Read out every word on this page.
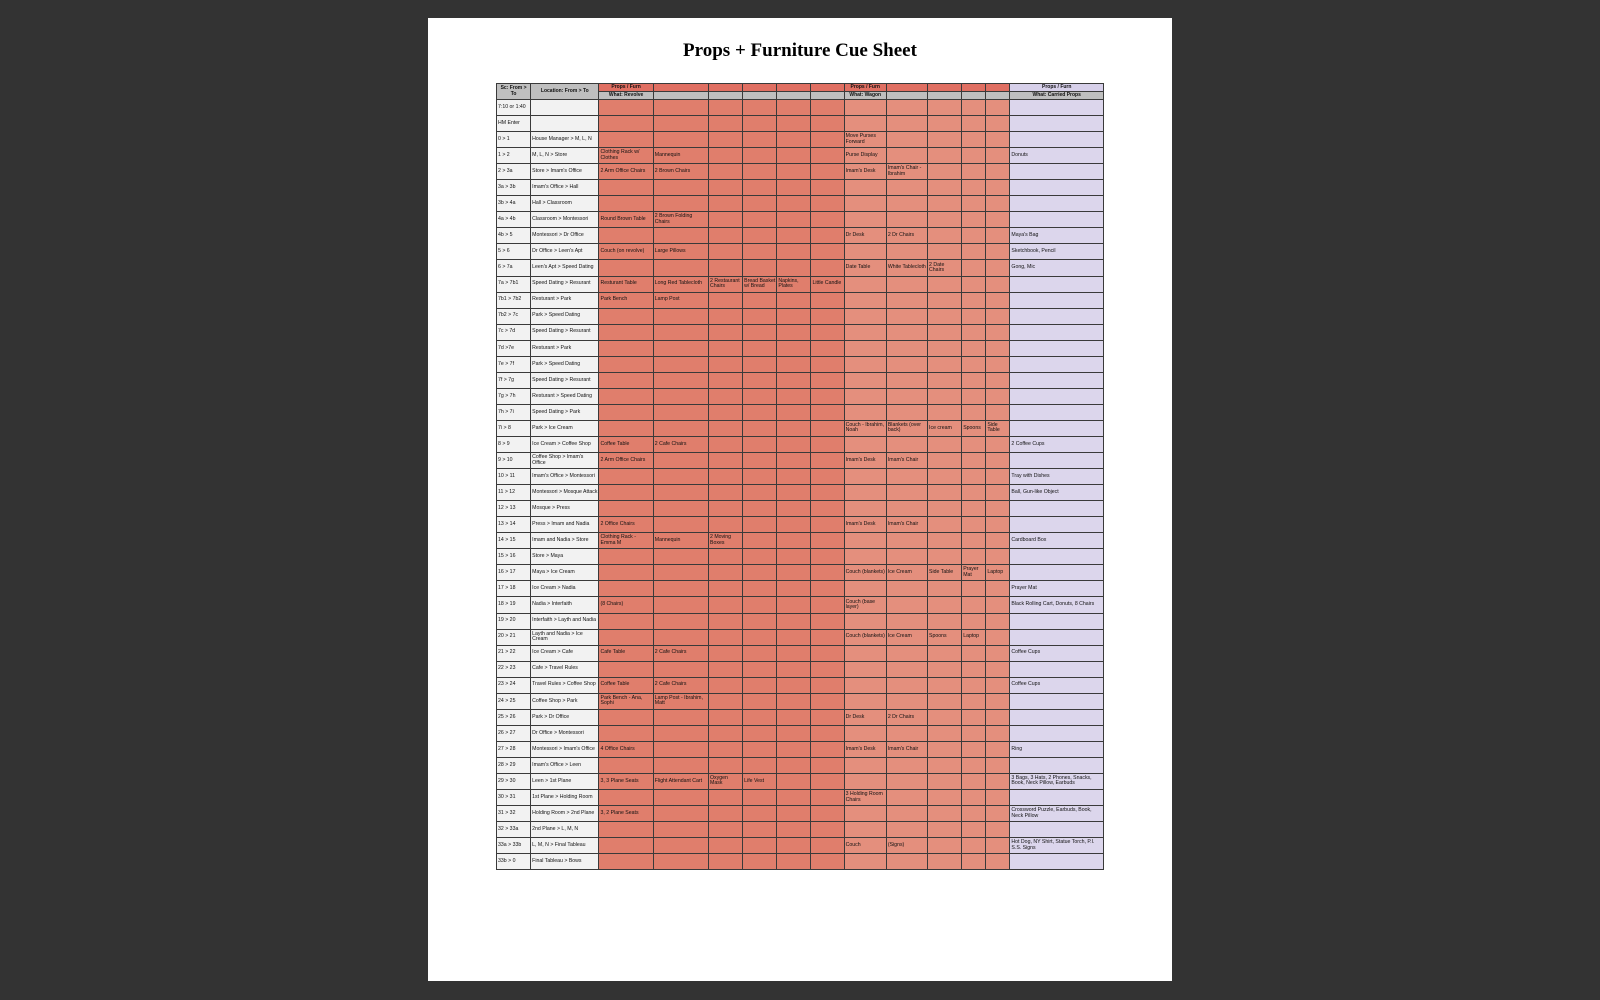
Props + Furniture Cue Sheet
Sc: From > To	Location: From > To	Props / Furn						Props / Furn					Props / Furn
		What: Revolve						What: Wagon					What: Carried Props
7:10 or 1:40													
HM Enter													
0 > 1	House Manager > M, L, N							Move Purses Forward					
1 > 2	M, L, N > Store	Clothing Rack w/ Clothes	Mannequin					Purse Display					Donuts
2 > 3a	Store > Imam's Office	2 Arm Office Chairs	2 Brown Chairs					Imam's Desk	Imam's Chair - Ibrahim				
3a > 3b	Imam's Office > Hall												
3b > 4a	Hall > Classroom												
4a > 4b	Classroom > Montessori	Round Brown Table	2 Brown Folding Chairs										
4b > 5	Montessori > Dr Office							Dr Desk	2 Dr Chairs				Maya's Bag
5 > 6	Dr Office > Leen's Apt	Couch (on revolve)	Large Pillows										Sketchbook, Pencil
6 > 7a	Leen's Apt > Speed Dating							Date Table	White Tablecloth	2 Date Chairs			Gong, Mic
7a > 7b1	Speed Dating > Resurant	Resturant Table	Long Red Tablecloth	2 Restaurant Chairs	Bread Basket w/ Bread	Napkins, Plates	Little Candle						
7b1 > 7b2	Resturant > Park	Park Bench	Lamp Post										
7b2 > 7c	Park > Speed Dating												
7c > 7d	Speed Dating > Resurant												
7d >7e	Resturant > Park												
7e > 7f	Park > Speed Dating												
7f > 7g	Speed Dating > Resurant												
7g > 7h	Resturant > Speed Dating												
7h > 7i	Speed Dating > Park												
7i > 8	Park > Ice Cream							Couch - Ibrahim, Noah	Blankets (over back)	Ice cream	Spoons	Side Table	
8 > 9	Ice Cream > Coffee Shop	Coffee Table	2 Cafe Chairs										2 Coffee Cups
9 > 10	Coffee Shop > Imam's Office	2 Arm Office Chairs						Imam's Desk	Imam's Chair				
10 > 11	Imam's Office > Montessori												Tray with Dishes
11 > 12	Montessori > Mosque Attack												Ball, Gun-like Object
12 > 13	Mosque > Press												
13 > 14	Press > Imam and Nadia	2 Office Chairs						Imam's Desk	Imam's Chair				
14 > 15	Imam and Nadia > Store	Clothing Rack - Emma M	Mannequin	2 Moving Boxes									Cardboard Box
15 > 16	Store > Maya												
16 > 17	Maya > Ice Cream							Couch (blankets)	Ice Cream	Side Table	Prayer Mat	Laptop	
17 > 18	Ice Cream > Nadia												Prayer Mat
18 > 19	Nadia > Interfaith	(8 Chairs)						Couch (base layer)					Black Rolling Cart, Donuts, 8 Chairs
19 > 20	Interfaith > Layth and Nadia												
20 > 21	Layth and Nadia > Ice Cream							Couch (blankets)	Ice Cream	Spoons	Laptop		
21 > 22	Ice Cream > Cafe	Cafe Table	2 Cafe Chairs										Coffee Cups
22 > 23	Cafe > Travel Rules												
23 > 24	Travel Rules > Coffee Shop	Coffee Table	2 Cafe Chairs										Coffee Cups
24 > 25	Coffee Shop > Park	Park Bench - Ana, Sophi	Lamp Post - Ibrahim, Matt										
25 > 26	Park > Dr Office							Dr Desk	2 Dr Chairs				
26 > 27	Dr Office > Montessori												
27 > 28	Montessori > Imam's Office	4 Office Chairs						Imam's Desk	Imam's Chair				Ring
28 > 29	Imam's Office > Leen												
29 > 30	Leen > 1st Plane	3, 3 Plane Seats	Flight Attendant Cart	Oxygen Mask	Life Vest								3 Bags, 3 Hats, 2 Phones, Snacks, Book, Neck Pillow, Earbuds
30 > 31	1st Plane > Holding Room							3 Holding Room Chairs					
31 > 32	Holding Room > 2nd Plane	3, 2 Plane Seats											Crossword Puzzle, Earbuds, Book, Neck Pillow
32 > 33a	2nd Plane > L, M, N												
33a > 33b	L, M, N > Final Tableau							Couch	(Signs)				Hot Dog, NY Shirt, Statue Torch, P.I. S.S. Signs
33b > 0	Final Tableau > Bows												
